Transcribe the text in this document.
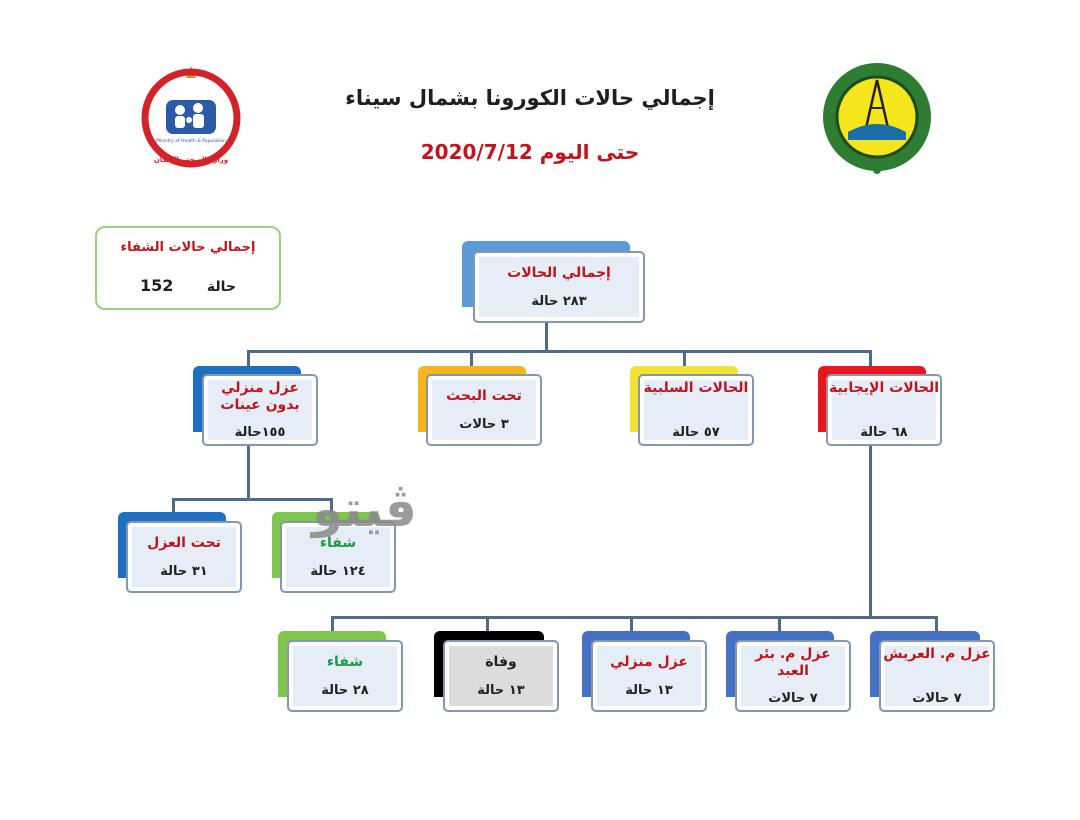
إجمالي حالات الكورونا بشمال سيناء
حتى اليوم 2020/7/12
Ministry of Health & Population
وزارة الصحة والسكان
إجمالي حالات الشفاء
152 حالة
إجمالي الحالات
٢٨٣ حالة
عزل منزلي بدون عينات
١٥٥حالة
تحت البحث
٣ حالات
الحالات السلبية
٥٧ حالة
الحالات الإيجابية
٦٨ حالة
تحت العزل
٣١ حالة
شفاء
١٢٤ حالة
ڤيتو
شفاء
٢٨ حالة
وفاة
١٣ حالة
عزل منزلي
١٣ حالة
عزل م. بئر العبد
٧ حالات
عزل م. العريش
٧ حالات
